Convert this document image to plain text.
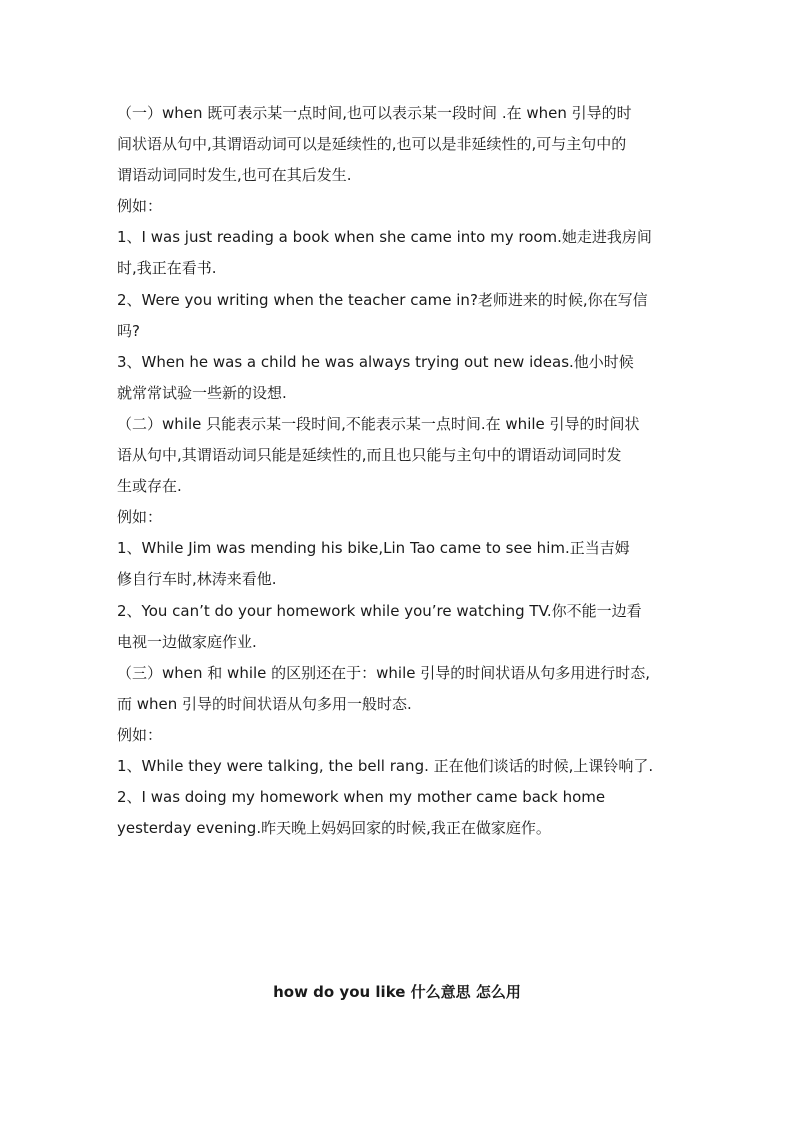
（一）when 既可表示某一点时间,也可以表示某一段时间 .在 when 引导的时
间状语从句中,其谓语动词可以是延续性的,也可以是非延续性的,可与主句中的
谓语动词同时发生,也可在其后发生.
例如：
1、I was just reading a book when she came into my room.她走进我房间
时,我正在看书.
2、Were you writing when the teacher came in?老师进来的时候,你在写信
吗?
3、When he was a child he was always trying out new ideas.他小时候
就常常试验一些新的设想.
（二）while 只能表示某一段时间,不能表示某一点时间.在 while 引导的时间状
语从句中,其谓语动词只能是延续性的,而且也只能与主句中的谓语动词同时发
生或存在.
例如：
1、While Jim was mending his bike,Lin Tao came to see him.正当吉姆
修自行车时,林涛来看他.
2、You can’t do your homework while you’re watching TV.你不能一边看
电视一边做家庭作业.
（三）when 和 while 的区别还在于：while 引导的时间状语从句多用进行时态,
而 when 引导的时间状语从句多用一般时态.
例如：
1、While they were talking, the bell rang. 正在他们谈话的时候,上课铃响了.
2、I was doing my homework when my mother came back home
yesterday evening.昨天晚上妈妈回家的时候,我正在做家庭作。
how do you like 什么意思 怎么用
